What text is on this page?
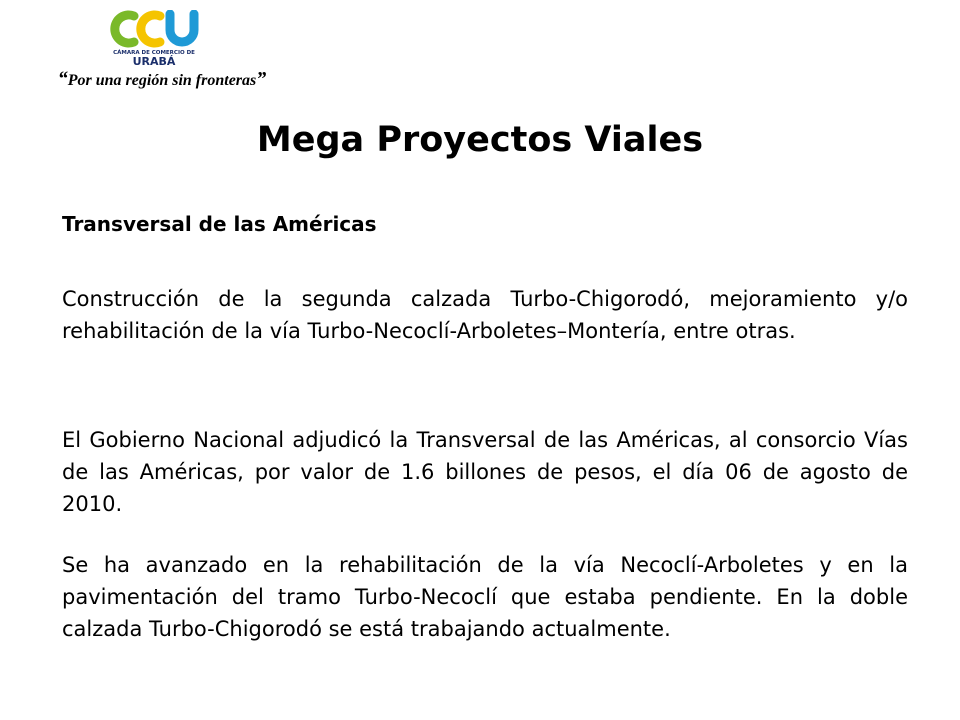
CÁMARA DE COMERCIO DE
URABÁ
“Por una región sin fronteras”
Mega Proyectos Viales
Transversal de las Américas
Construcción de la segunda calzada Turbo-Chigorodó, mejoramiento y/o rehabilitación de la vía Turbo-Necoclí-Arboletes–Montería, entre otras.
El Gobierno Nacional adjudicó la Transversal de las Américas, al consorcio Vías de las Américas, por valor de 1.6 billones de pesos, el día 06 de agosto de 2010.
Se ha avanzado en la rehabilitación de la vía Necoclí-Arboletes y en la pavimentación del tramo Turbo-Necoclí que estaba pendiente. En la doble calzada Turbo-Chigorodó se está trabajando actualmente.
